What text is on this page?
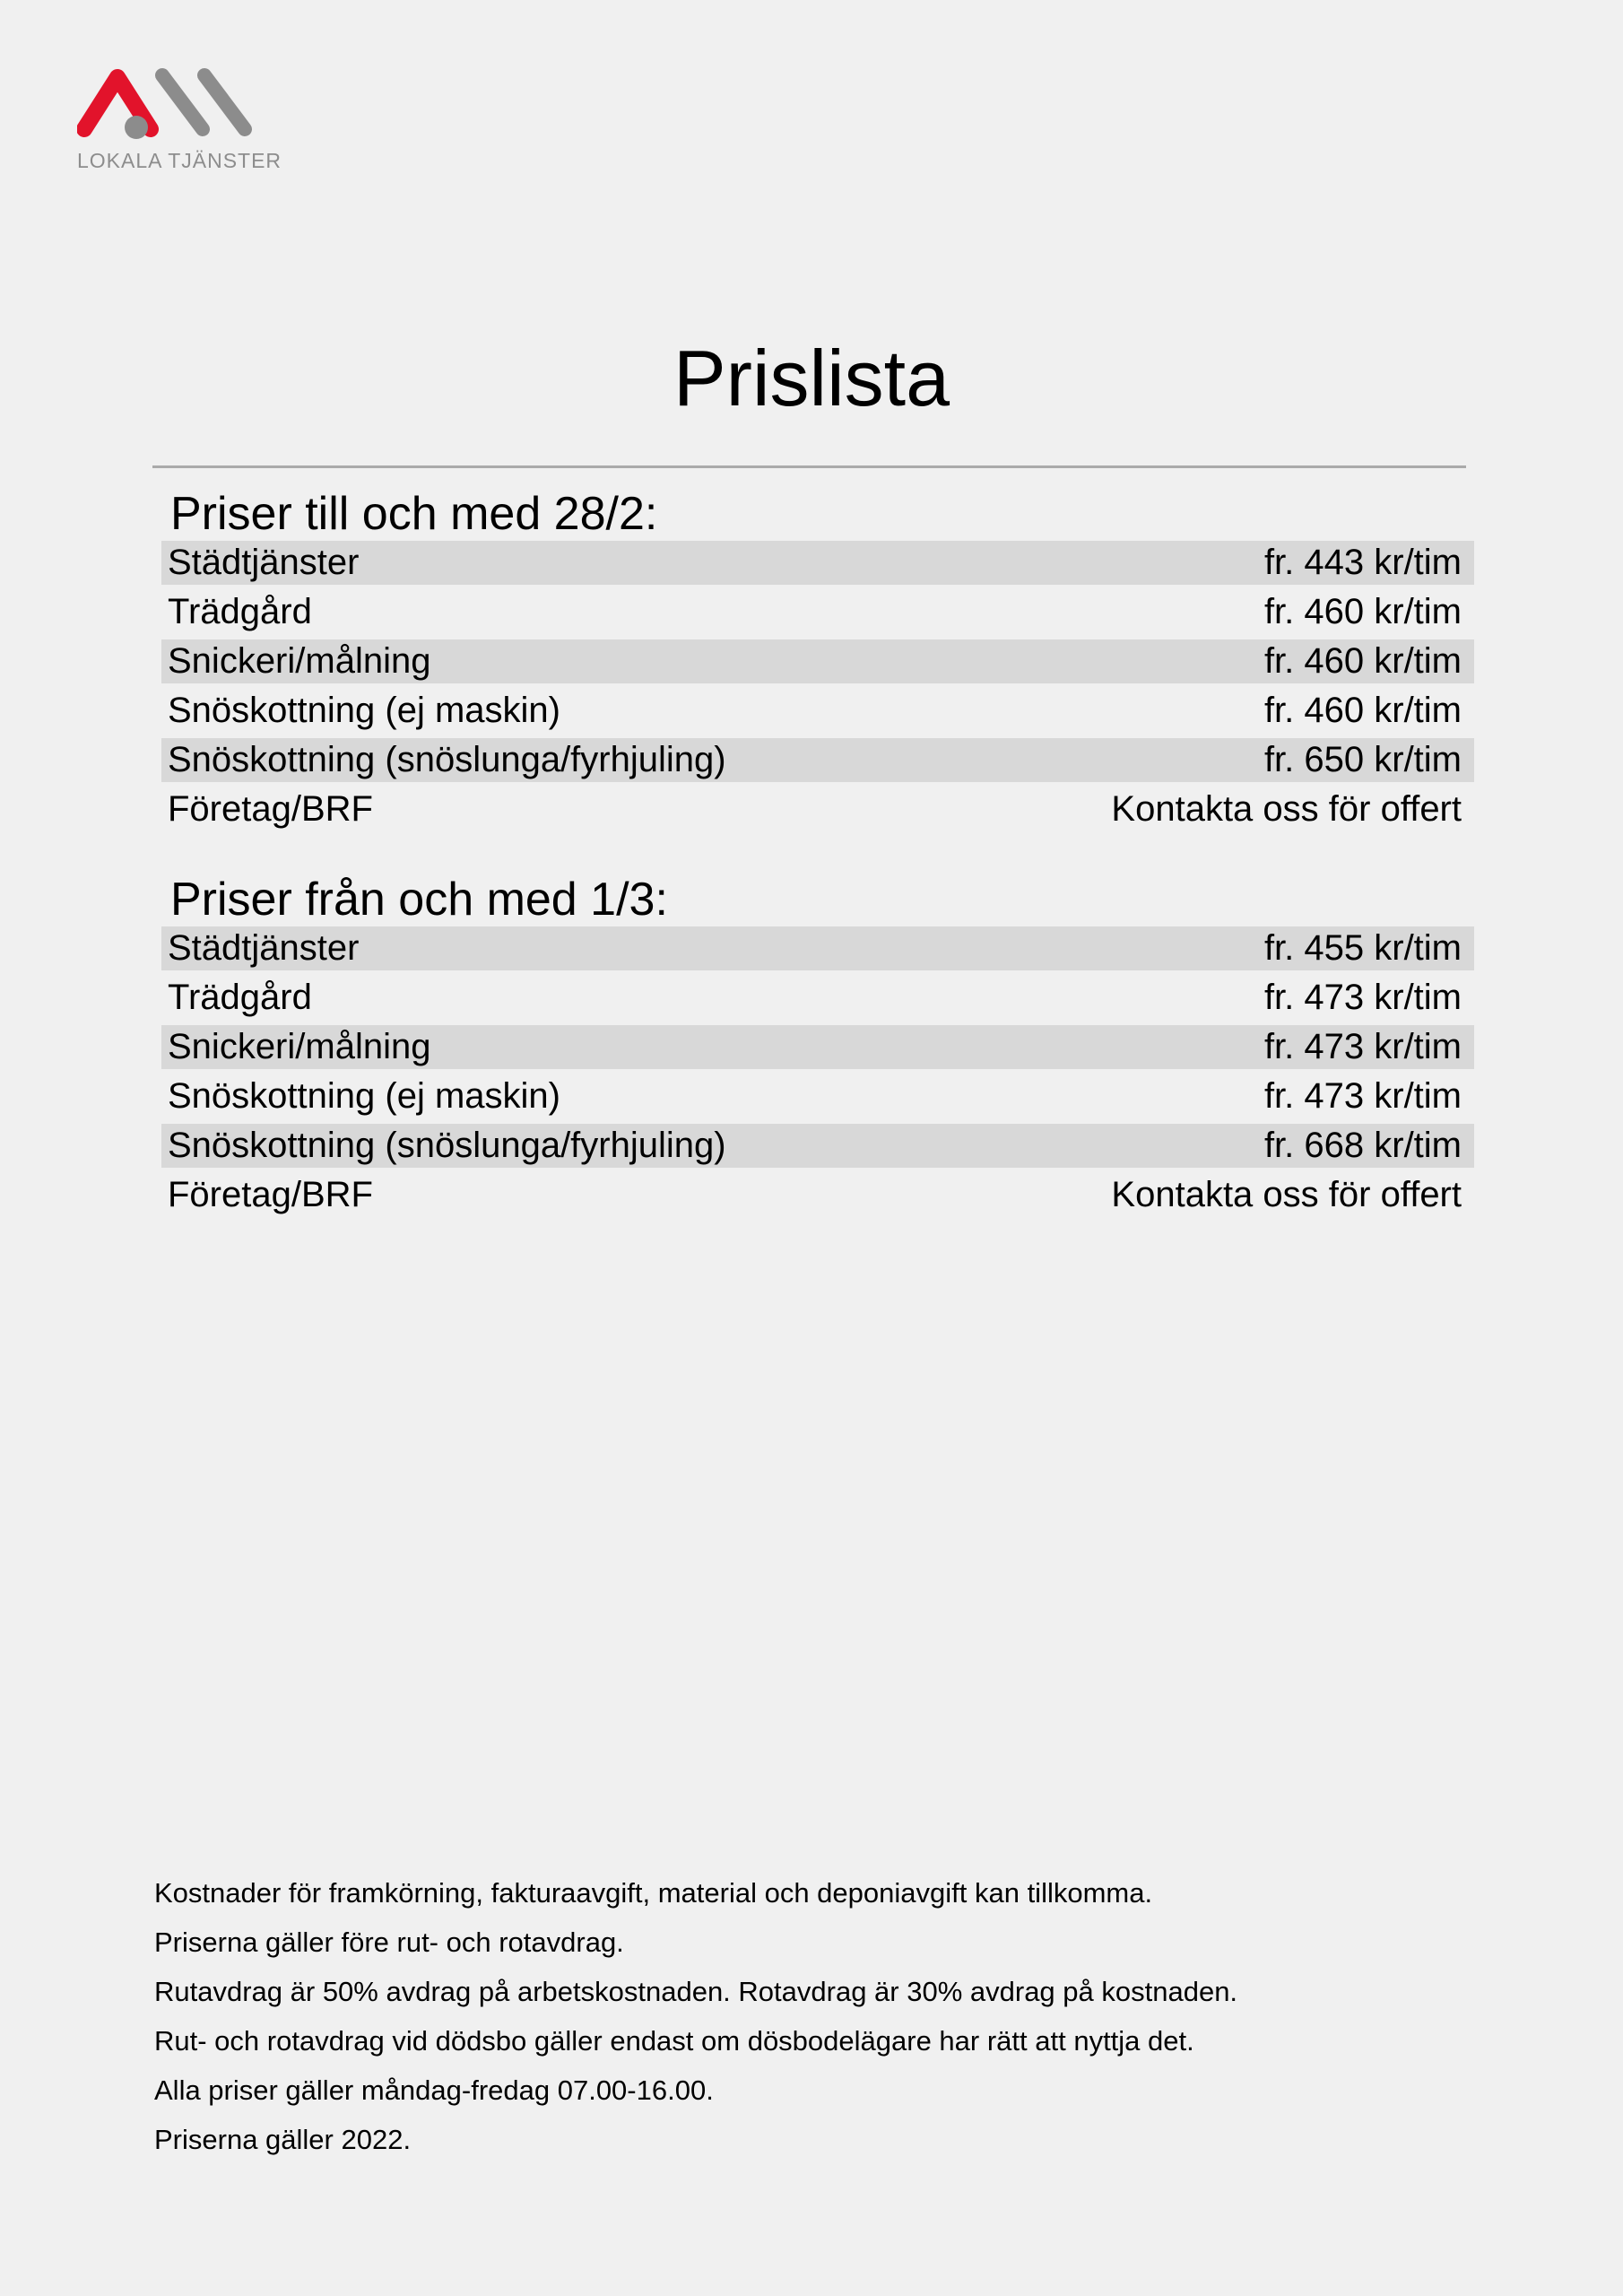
LOKALA TJÄNSTER
Prislista
Priser till och med 28/2:
Städtjänster	fr. 443 kr/tim
Trädgård	fr. 460 kr/tim
Snickeri/målning	fr. 460 kr/tim
Snöskottning (ej maskin)	fr. 460 kr/tim
Snöskottning (snöslunga/fyrhjuling)	fr. 650 kr/tim
Företag/BRF	Kontakta oss för offert
Priser från och med 1/3:
Städtjänster	fr. 455 kr/tim
Trädgård	fr. 473 kr/tim
Snickeri/målning	fr. 473 kr/tim
Snöskottning (ej maskin)	fr. 473 kr/tim
Snöskottning (snöslunga/fyrhjuling)	fr. 668 kr/tim
Företag/BRF	Kontakta oss för offert

Kostnader för framkörning, fakturaavgift, material och deponiavgift kan tillkomma.

Priserna gäller före rut- och rotavdrag.

Rutavdrag är 50% avdrag på arbetskostnaden. Rotavdrag är 30% avdrag på kostnaden.

Rut- och rotavdrag vid dödsbo gäller endast om dösbodelägare har rätt att nyttja det.

Alla priser gäller måndag-fredag 07.00-16.00.

Priserna gäller 2022.
